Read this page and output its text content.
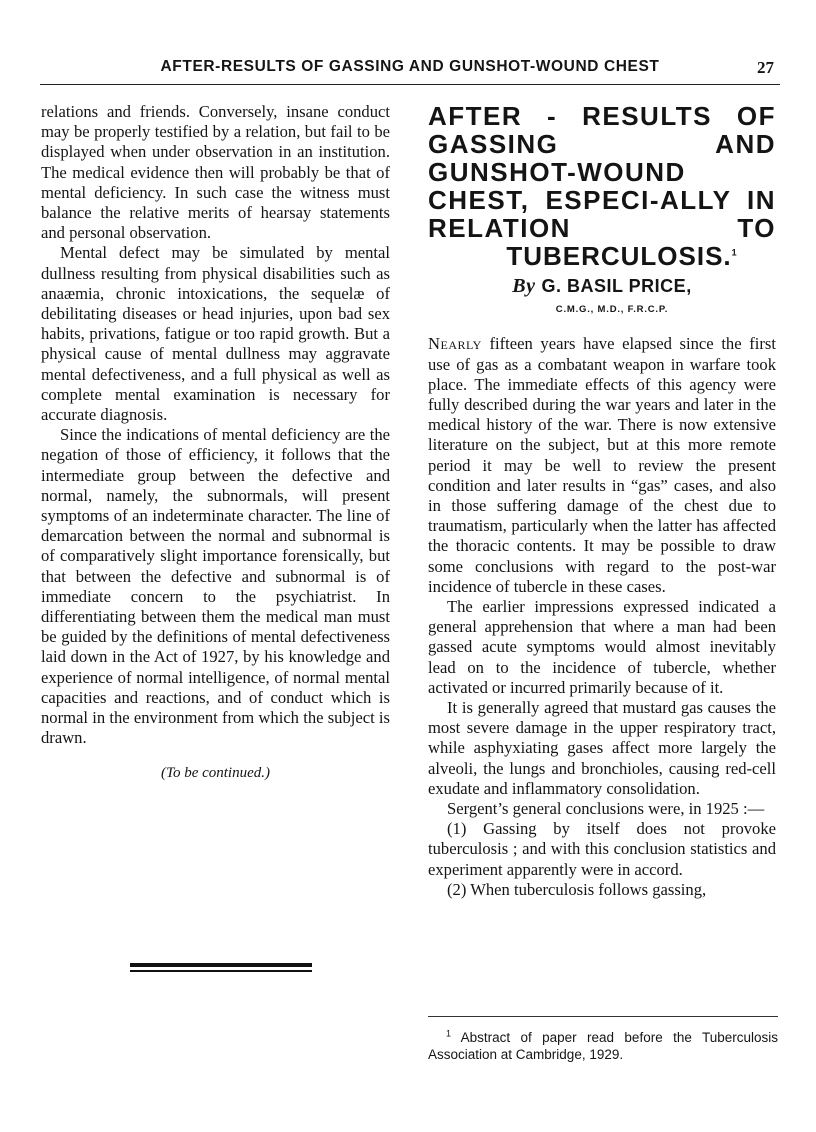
AFTER-RESULTS OF GASSING AND GUNSHOT-WOUND CHEST	27

relations and friends. Conversely, insane conduct may be properly testified by a relation, but fail to be displayed when under observation in an institution. The medical evidence then will probably be that of mental deficiency. In such case the witness must balance the relative merits of hearsay statements and personal observation.

Mental defect may be simulated by mental dullness resulting from physical disabilities such as anaæmia, chronic intoxications, the sequelæ of debilitating diseases or head injuries, upon bad sex habits, privations, fatigue or too rapid growth. But a physical cause of mental dullness may aggravate mental defectiveness, and a full physical as well as complete mental examination is necessary for accurate diagnosis.

Since the indications of mental deficiency are the negation of those of efficiency, it follows that the intermediate group between the defective and normal, namely, the subnormals, will present symptoms of an indeterminate character. The line of demarcation between the normal and subnormal is of comparatively slight importance forensically, but that between the defective and subnormal is of immediate concern to the psychiatrist. In differentiating between them the medical man must be guided by the definitions of mental defectiveness laid down in the Act of 1927, by his knowledge and experience of normal intelligence, of normal mental capacities and reactions, and of conduct which is normal in the environment from which the subject is drawn.

(To be continued.)
AFTER - RESULTS OF GASSING AND GUNSHOT-WOUND CHEST, ESPECI-ALLY IN RELATION TO
TUBERCULOSIS.$^1$
By G. BASIL PRICE,
C.M.G., M.D., F.R.C.P.

Nearly fifteen years have elapsed since the first use of gas as a combatant weapon in warfare took place. The immediate effects of this agency were fully described during the war years and later in the medical history of the war. There is now extensive literature on the subject, but at this more remote period it may be well to review the present condition and later results in “gas” cases, and also in those suffering damage of the chest due to traumatism, particularly when the latter has affected the thoracic contents. It may be possible to draw some conclusions with regard to the post-war incidence of tubercle in these cases.

The earlier impressions expressed indicated a general apprehension that where a man had been gassed acute symptoms would almost inevitably lead on to the incidence of tubercle, whether activated or incurred primarily because of it.

It is generally agreed that mustard gas causes the most severe damage in the upper respiratory tract, while asphyxiating gases affect more largely the alveoli, the lungs and bronchioles, causing red-cell exudate and inflammatory consolidation.

Sergent’s general conclusions were, in 1925 :—

(1) Gassing by itself does not provoke tuberculosis ; and with this conclusion statistics and experiment apparently were in accord.

(2) When tuberculosis follows gassing,

$^1$ Abstract of paper read before the Tuberculosis Association at Cambridge, 1929.
